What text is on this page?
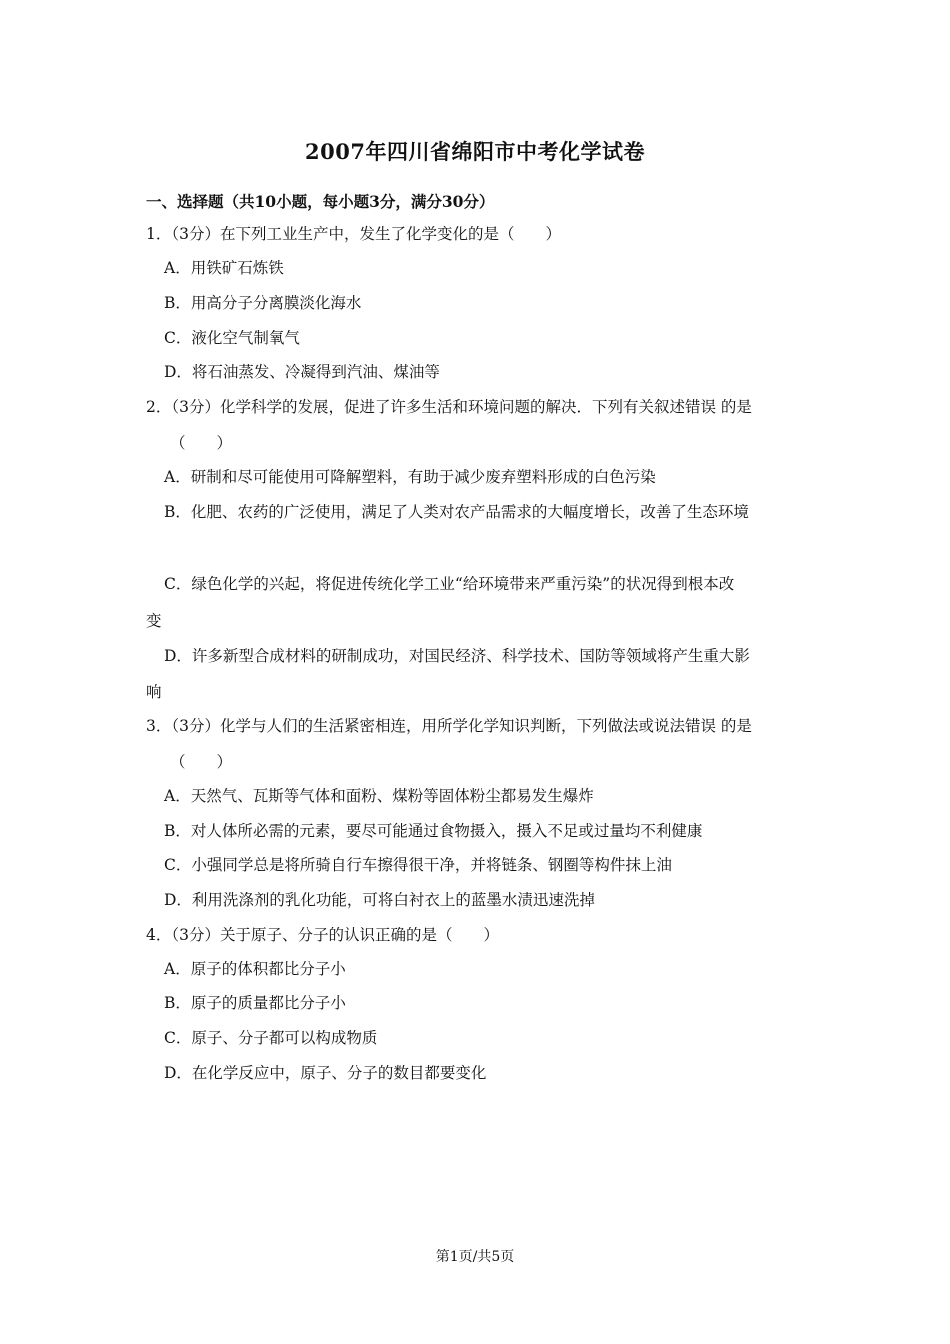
2007年四川省绵阳市中考化学试卷
一、选择题（共10小题，每小题3分，满分30分）
1．（3分）在下列工业生产中，发生了化学变化的是（　　）
A．用铁矿石炼铁
B．用高分子分离膜淡化海水
C．液化空气制氧气
D．将石油蒸发、冷凝得到汽油、煤油等
2．（3分）化学科学的发展，促进了许多生活和环境问题的解决．下列有关叙述错误 的是
（　　）
A．研制和尽可能使用可降解塑料，有助于减少废弃塑料形成的白色污染
B．化肥、农药的广泛使用，满足了人类对农产品需求的大幅度增长，改善了生态环境
C．绿色化学的兴起，将促进传统化学工业“给环境带来严重污染”的状况得到根本改
变
D．许多新型合成材料的研制成功，对国民经济、科学技术、国防等领域将产生重大影
响
3．（3分）化学与人们的生活紧密相连，用所学化学知识判断，下列做法或说法错误 的是
（　　）
A．天然气、瓦斯等气体和面粉、煤粉等固体粉尘都易发生爆炸
B．对人体所必需的元素，要尽可能通过食物摄入，摄入不足或过量均不利健康
C．小强同学总是将所骑自行车擦得很干净，并将链条、钢圈等构件抹上油
D．利用洗涤剂的乳化功能，可将白衬衣上的蓝墨水渍迅速洗掉
4．（3分）关于原子、分子的认识正确的是（　　）
A．原子的体积都比分子小
B．原子的质量都比分子小
C．原子、分子都可以构成物质
D．在化学反应中，原子、分子的数目都要变化
第1页/共5页
